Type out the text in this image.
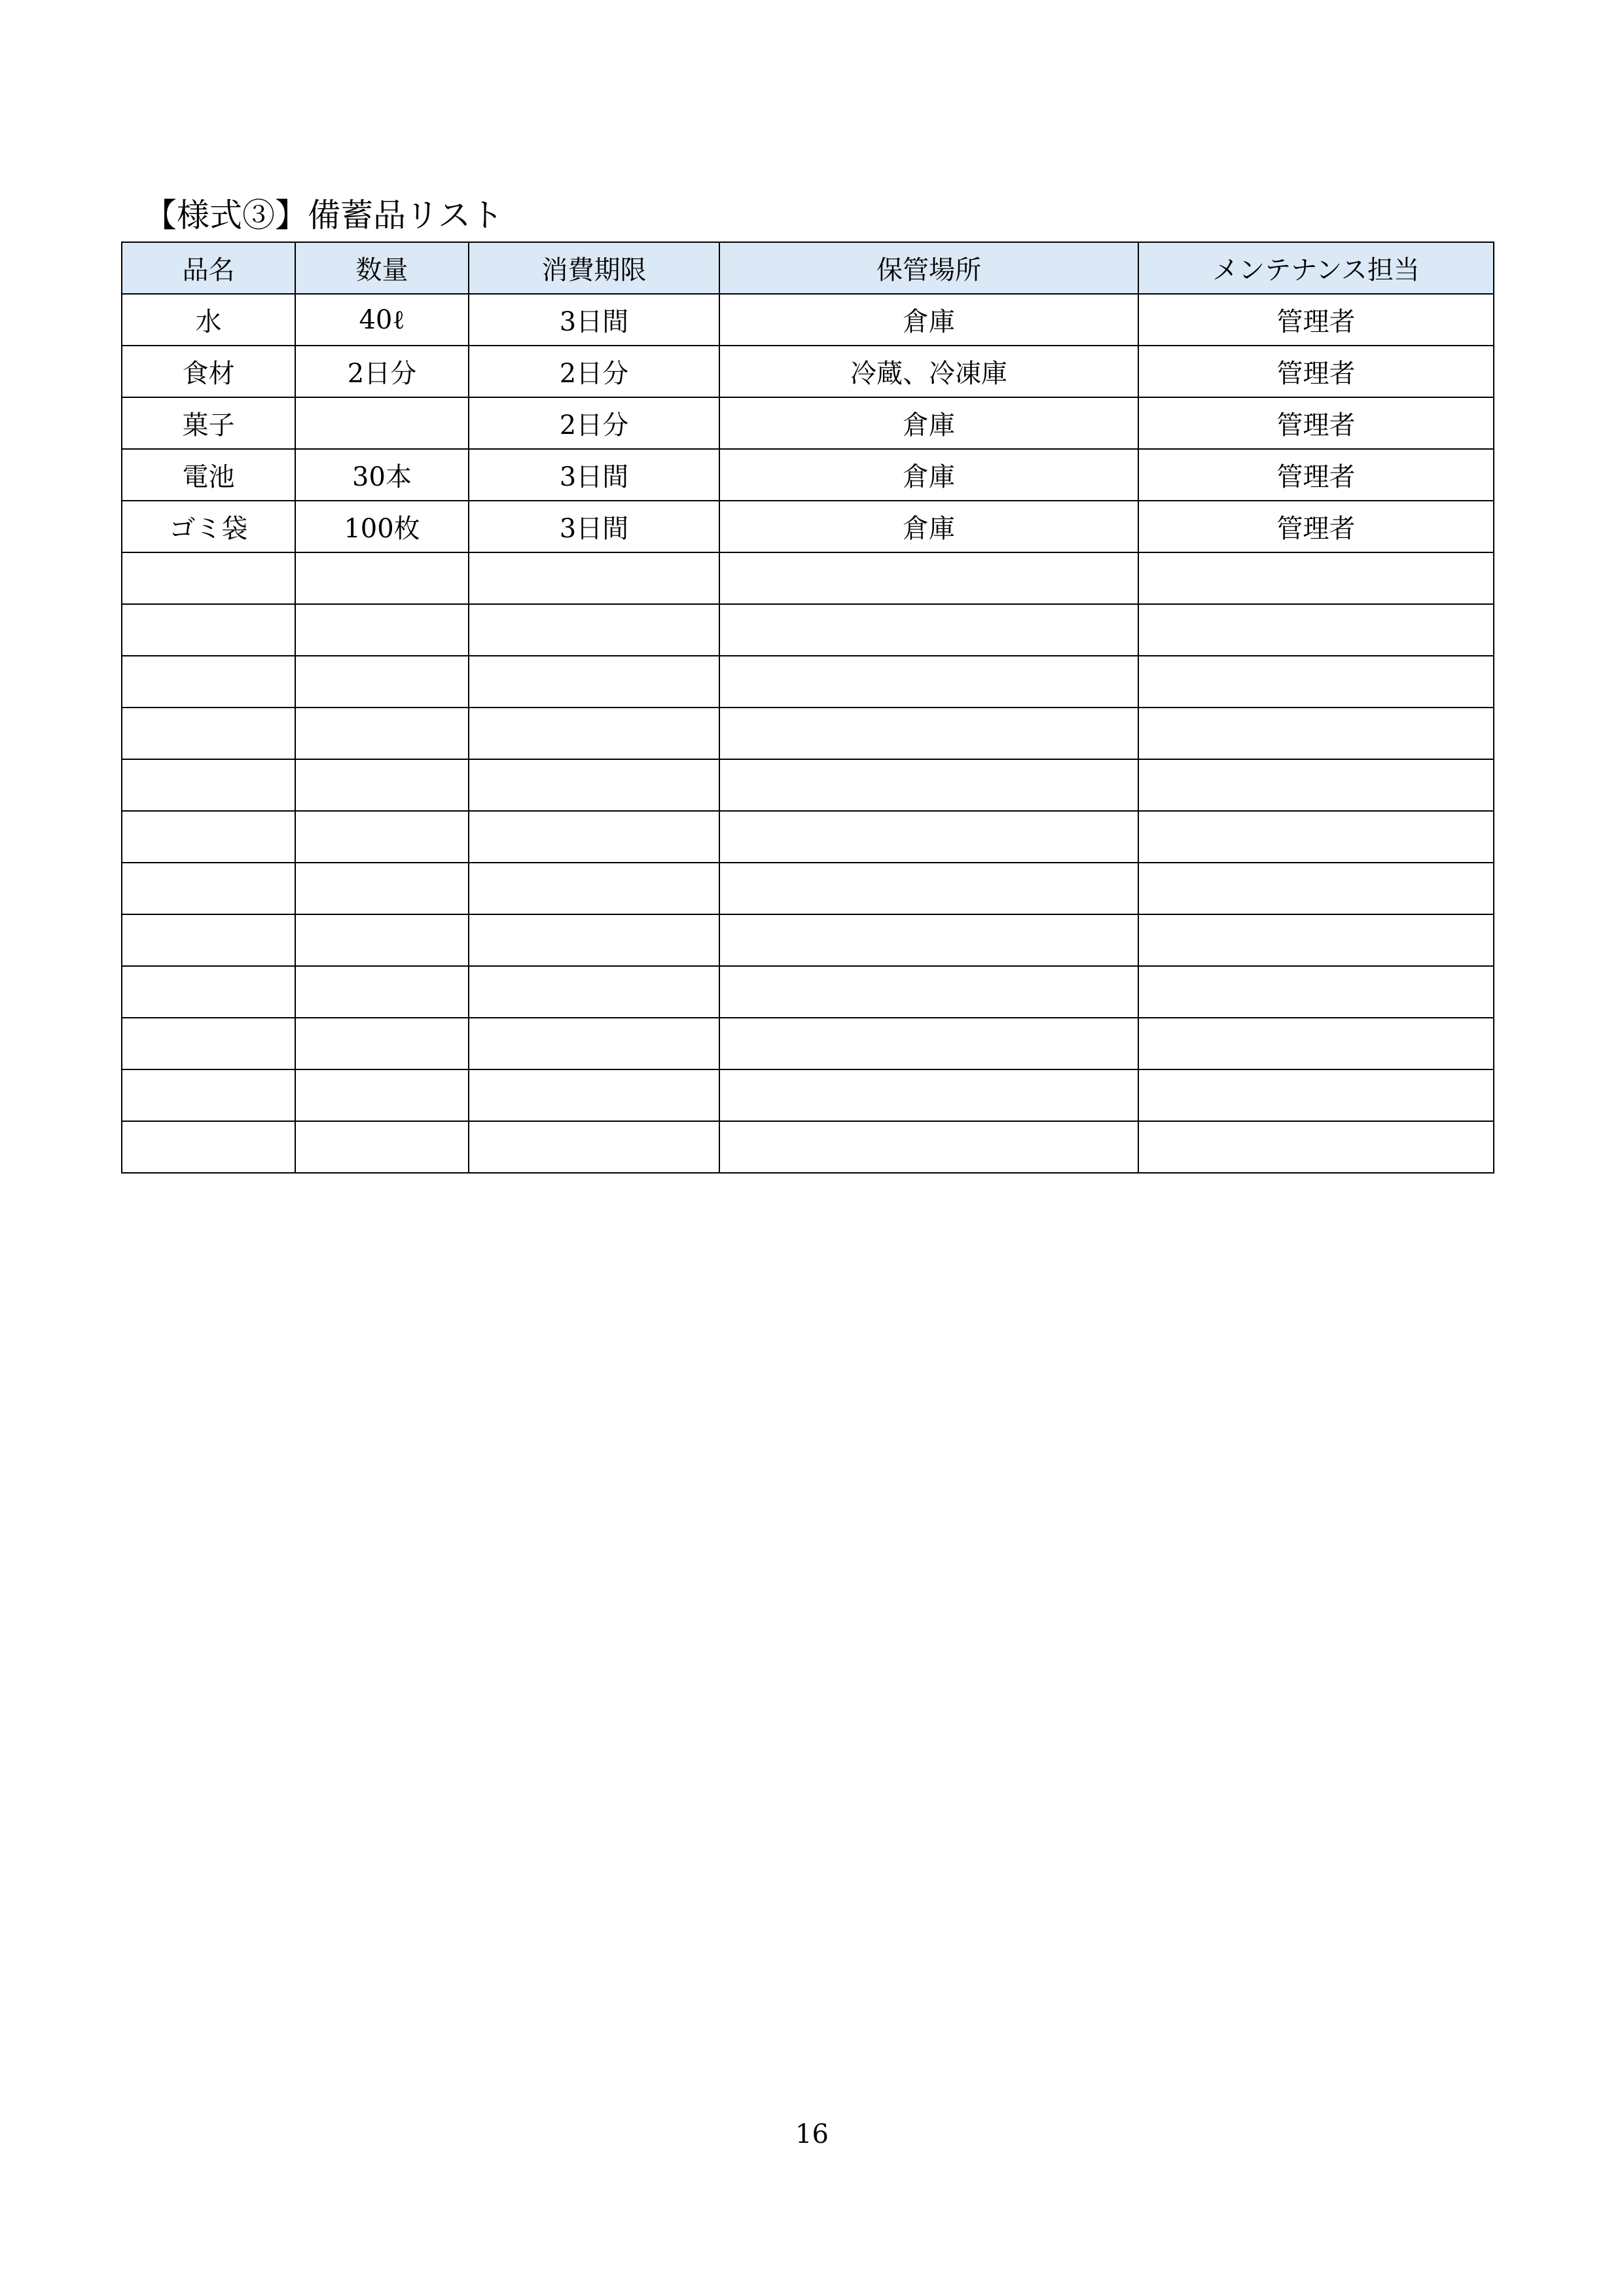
【様式③】備蓄品リスト
品名	数量	消費期限	保管場所	メンテナンス担当
水	40ℓ	3日間	倉庫	管理者
食材	2日分	2日分	冷蔵、冷凍庫	管理者
菓子		2日分	倉庫	管理者
電池	30本	3日間	倉庫	管理者
ゴミ袋	100枚	3日間	倉庫	管理者

16
